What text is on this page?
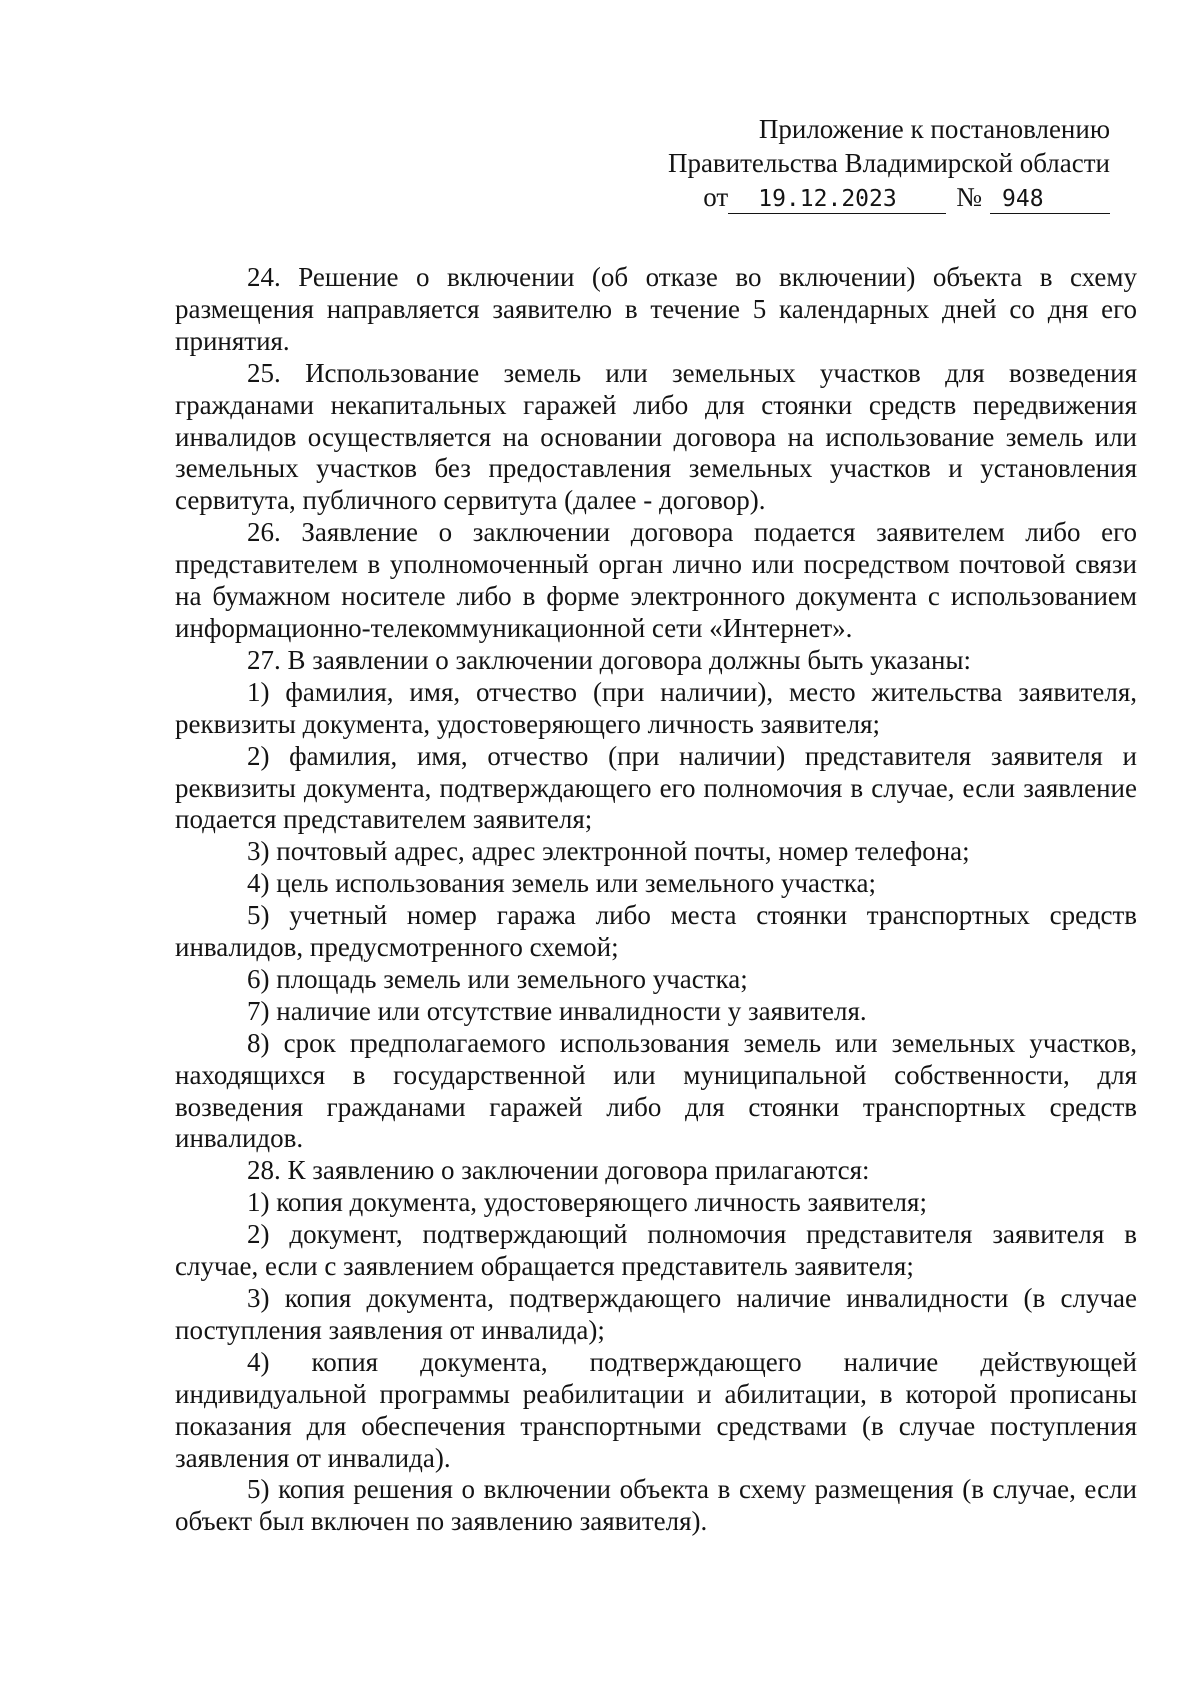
Приложение к постановлению
Правительства Владимирской области
от	19.12.2023	№ 948

24. Решение о включении (об отказе во включении) объекта в схему размещения направляется заявителю в течение 5 календарных дней со дня его принятия.

25. Использование земель или земельных участков для возведения гражданами некапитальных гаражей либо для стоянки средств передвижения инвалидов осуществляется на основании договора на использование земель или земельных участков без предоставления земельных участков и установления сервитута, публичного сервитута (далее - договор).

26. Заявление о заключении договора подается заявителем либо его представителем в уполномоченный орган лично или посредством почтовой связи на бумажном носителе либо в форме электронного документа с использованием информационно-телекоммуникационной сети «Интернет».

27. В заявлении о заключении договора должны быть указаны:

1) фамилия, имя, отчество (при наличии), место жительства заявителя, реквизиты документа, удостоверяющего личность заявителя;

2) фамилия, имя, отчество (при наличии) представителя заявителя и реквизиты документа, подтверждающего его полномочия в случае, если заявление подается представителем заявителя;

3) почтовый адрес, адрес электронной почты, номер телефона;

4) цель использования земель или земельного участка;

5) учетный номер гаража либо места стоянки транспортных средств инвалидов, предусмотренного схемой;

6) площадь земель или земельного участка;

7) наличие или отсутствие инвалидности у заявителя.

8) срок предполагаемого использования земель или земельных участков, находящихся в государственной или муниципальной собственности, для возведения гражданами гаражей либо для стоянки транспортных средств инвалидов.

28. К заявлению о заключении договора прилагаются:

1) копия документа, удостоверяющего личность заявителя;

2) документ, подтверждающий полномочия представителя заявителя в случае, если с заявлением обращается представитель заявителя;

3) копия документа, подтверждающего наличие инвалидности (в случае поступления заявления от инвалида);

4) копия документа, подтверждающего наличие действующей индивидуальной программы реабилитации и абилитации, в которой прописаны показания для обеспечения транспортными средствами (в случае поступления заявления от инвалида).

5) копия решения о включении объекта в схему размещения (в случае, если объект был включен по заявлению заявителя).
